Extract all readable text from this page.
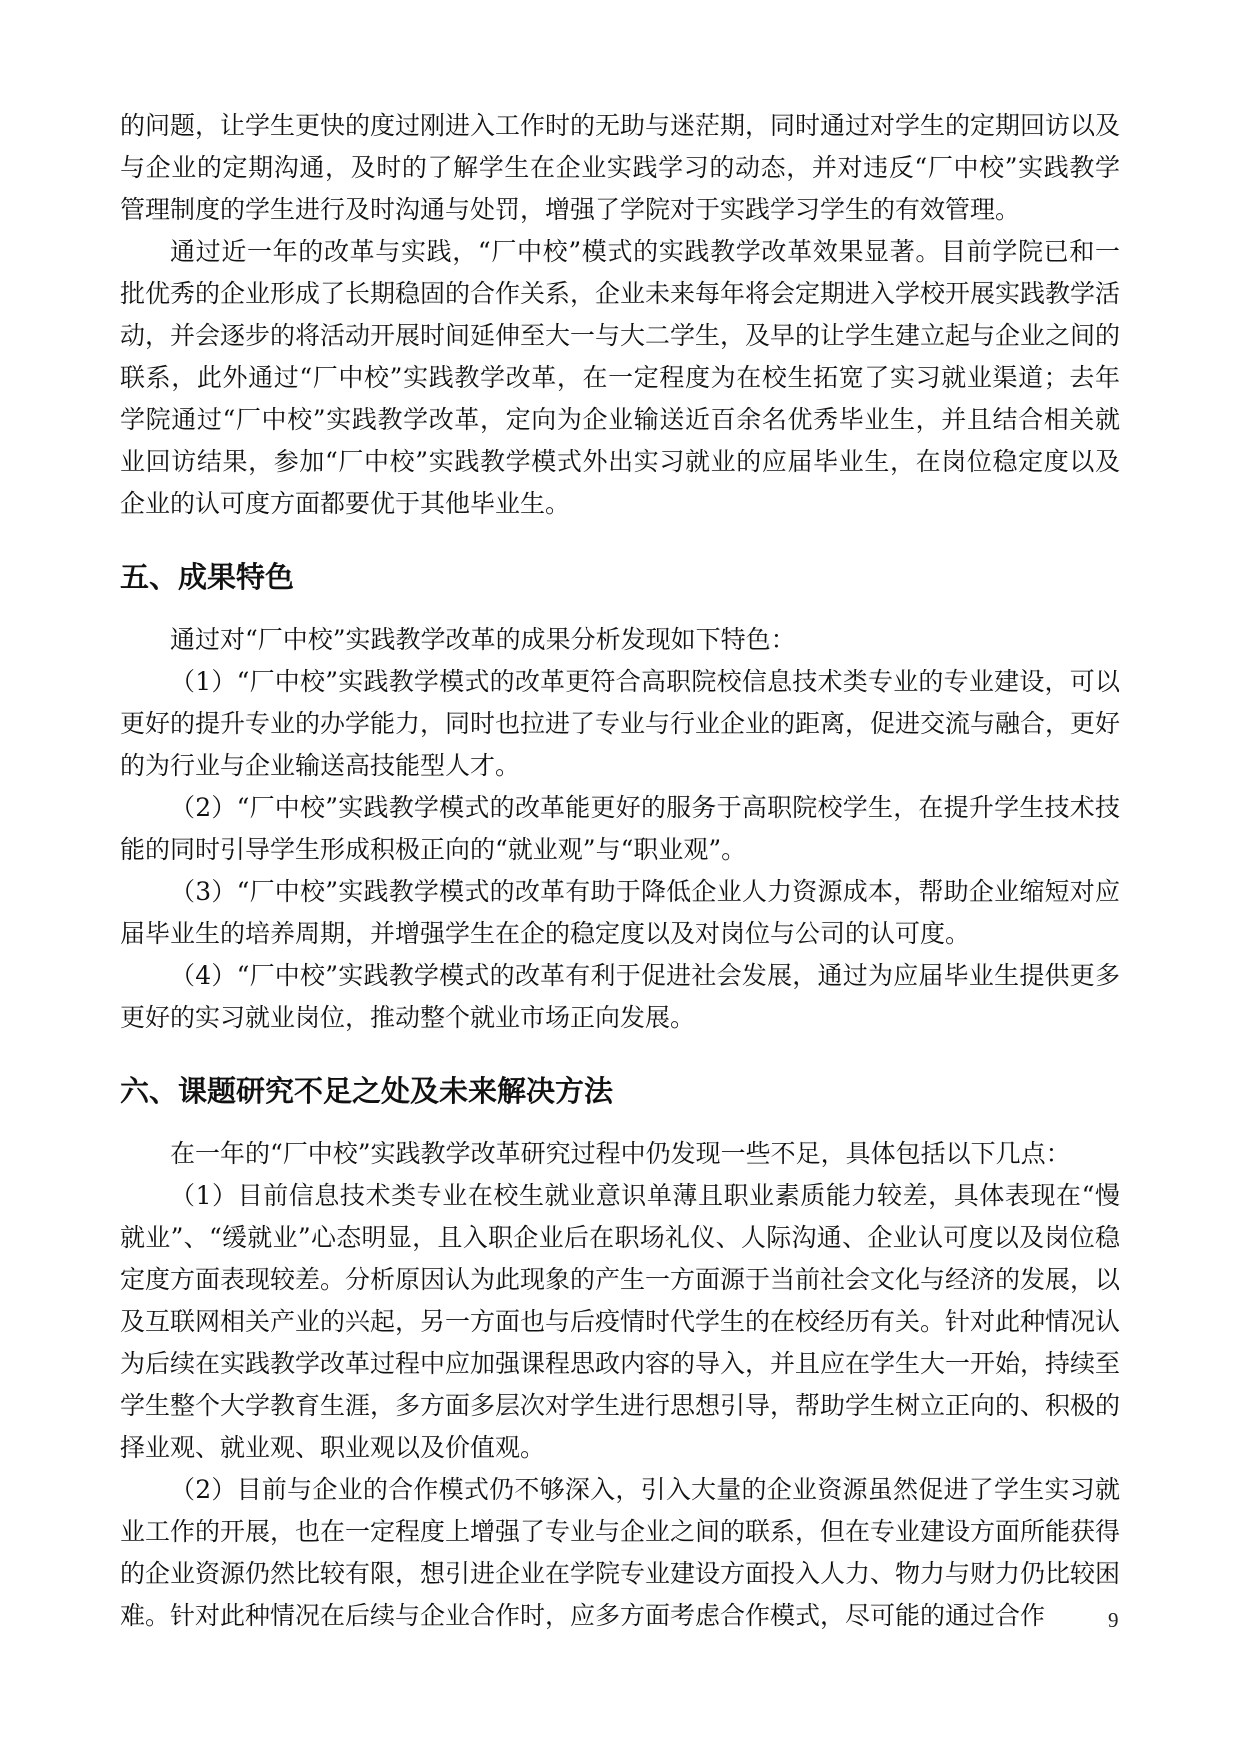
的问题，让学生更快的度过刚进入工作时的无助与迷茫期，同时通过对学生的定期回访以及与企业的定期沟通，及时的了解学生在企业实践学习的动态，并对违反“厂中校”实践教学管理制度的学生进行及时沟通与处罚，增强了学院对于实践学习学生的有效管理。

通过近一年的改革与实践，“厂中校”模式的实践教学改革效果显著。目前学院已和一批优秀的企业形成了长期稳固的合作关系，企业未来每年将会定期进入学校开展实践教学活动，并会逐步的将活动开展时间延伸至大一与大二学生，及早的让学生建立起与企业之间的联系，此外通过“厂中校”实践教学改革，在一定程度为在校生拓宽了实习就业渠道；去年学院通过“厂中校”实践教学改革，定向为企业输送近百余名优秀毕业生，并且结合相关就业回访结果，参加“厂中校”实践教学模式外出实习就业的应届毕业生，在岗位稳定度以及企业的认可度方面都要优于其他毕业生。

五、成果特色

通过对“厂中校”实践教学改革的成果分析发现如下特色：

（1）“厂中校”实践教学模式的改革更符合高职院校信息技术类专业的专业建设，可以更好的提升专业的办学能力，同时也拉进了专业与行业企业的距离，促进交流与融合，更好的为行业与企业输送高技能型人才。

（2）“厂中校”实践教学模式的改革能更好的服务于高职院校学生，在提升学生技术技能的同时引导学生形成积极正向的“就业观”与“职业观”。

（3）“厂中校”实践教学模式的改革有助于降低企业人力资源成本，帮助企业缩短对应届毕业生的培养周期，并增强学生在企的稳定度以及对岗位与公司的认可度。

（4）“厂中校”实践教学模式的改革有利于促进社会发展，通过为应届毕业生提供更多更好的实习就业岗位，推动整个就业市场正向发展。

六、课题研究不足之处及未来解决方法

在一年的“厂中校”实践教学改革研究过程中仍发现一些不足，具体包括以下几点：

（1）目前信息技术类专业在校生就业意识单薄且职业素质能力较差，具体表现在“慢就业”、“缓就业”心态明显，且入职企业后在职场礼仪、人际沟通、企业认可度以及岗位稳定度方面表现较差。分析原因认为此现象的产生一方面源于当前社会文化与经济的发展，以及互联网相关产业的兴起，另一方面也与后疫情时代学生的在校经历有关。针对此种情况认为后续在实践教学改革过程中应加强课程思政内容的导入，并且应在学生大一开始，持续至学生整个大学教育生涯，多方面多层次对学生进行思想引导，帮助学生树立正向的、积极的择业观、就业观、职业观以及价值观。

（2）目前与企业的合作模式仍不够深入，引入大量的企业资源虽然促进了学生实习就业工作的开展，也在一定程度上增强了专业与企业之间的联系，但在专业建设方面所能获得的企业资源仍然比较有限，想引进企业在学院专业建设方面投入人力、物力与财力仍比较困难。针对此种情况在后续与企业合作时，应多方面考虑合作模式，尽可能的通过合作	9
